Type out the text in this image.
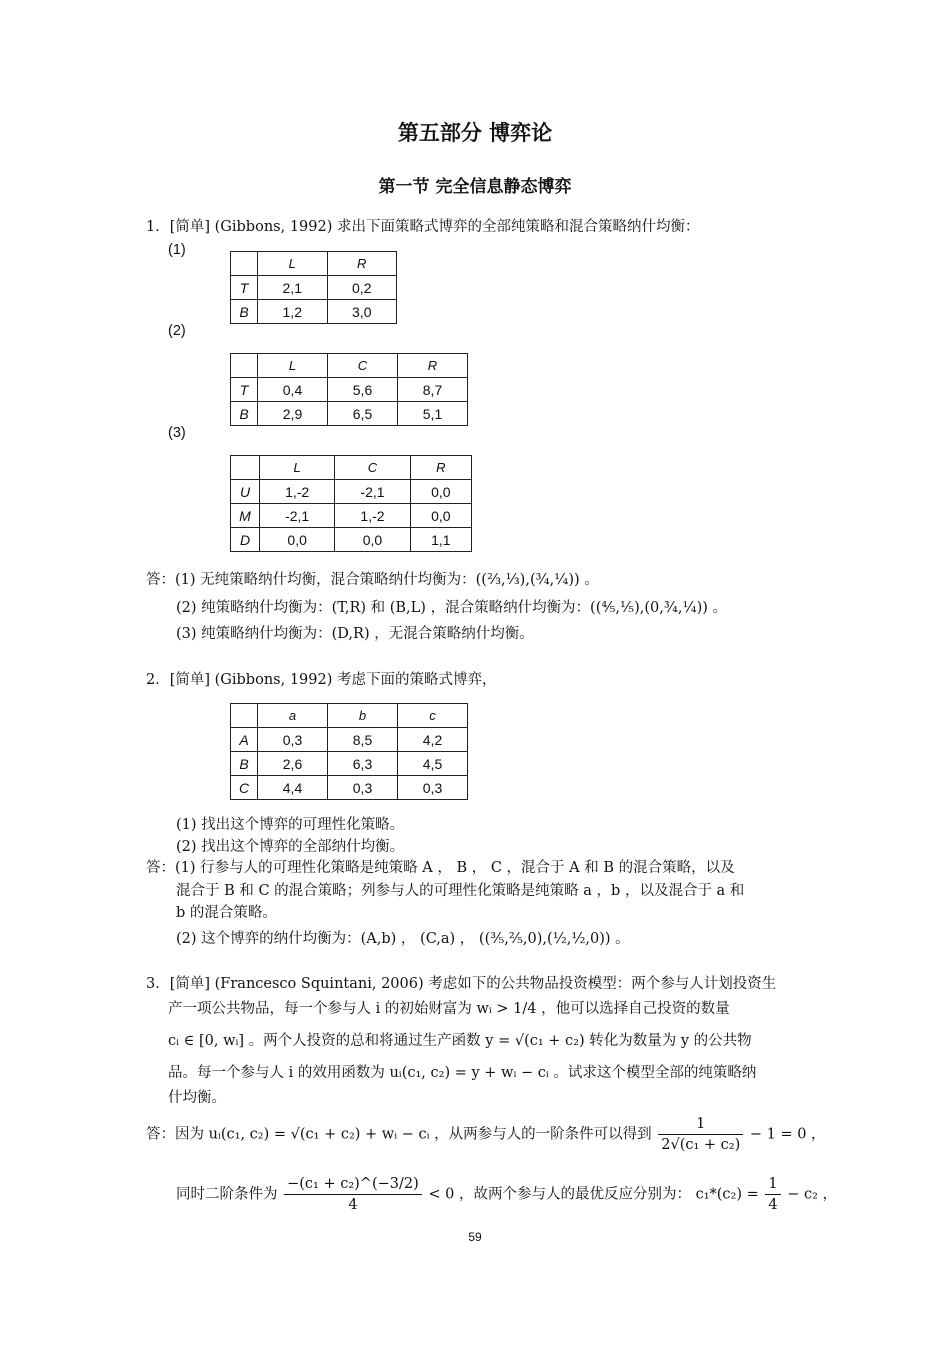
第五部分 博弈论
第一节 完全信息静态博弈
1．[简单] (Gibbons, 1992) 求出下面策略式博弈的全部纯策略和混合策略纳什均衡：
(1)
	L	R
T	2,1	0,2
B	1,2	3,0
(2)
	L	C	R
T	0,4	5,6	8,7
B	2,9	6,5	5,1
(3)
	L	C	R
U	1,-2	-2,1	0,0
M	-2,1	1,-2	0,0
D	0,0	0,0	1,1
答：(1) 无纯策略纳什均衡，混合策略纳什均衡为：((⅔,⅓),(¾,¼)) 。
(2) 纯策略纳什均衡为：(T,R) 和 (B,L) ，混合策略纳什均衡为：((⅘,⅕),(0,¾,¼)) 。
(3) 纯策略纳什均衡为：(D,R) ，无混合策略纳什均衡。
2．[简单] (Gibbons, 1992) 考虑下面的策略式博弈，
	a	b	c
A	0,3	8,5	4,2
B	2,6	6,3	4,5
C	4,4	0,3	0,3
(1) 找出这个博弈的可理性化策略。
(2) 找出这个博弈的全部纳什均衡。
答：(1) 行参与人的可理性化策略是纯策略 A ， B ， C ，混合于 A 和 B 的混合策略，以及
混合于 B 和 C 的混合策略；列参与人的可理性化策略是纯策略 a ，b ，以及混合于 a 和
b 的混合策略。
(2) 这个博弈的纳什均衡为：(A,b) ， (C,a) ， ((⅗,⅖,0),(½,½,0)) 。
3．[简单] (Francesco Squintani, 2006) 考虑如下的公共物品投资模型：两个参与人计划投资生
产一项公共物品，每一个参与人 i 的初始财富为 wᵢ > 1/4 ，他可以选择自己投资的数量
cᵢ ∈ [0, wᵢ] 。两个人投资的总和将通过生产函数 y = √(c₁ + c₂) 转化为数量为 y 的公共物
品。每一个参与人 i 的效用函数为 uᵢ(c₁, c₂) = y + wᵢ − cᵢ 。试求这个模型全部的纯策略纳
什均衡。
答：因为 uᵢ(c₁, c₂) = √(c₁ + c₂) + wᵢ − cᵢ ，从两参与人的一阶条件可以得到 $\frac{1}{\text{2√(c₁ + c₂)}} - 1 = 0$ ，
同时二阶条件为 $\frac{\text{−(c₁ + c₂)\textasciicircum{}(−3/2)}}{4} < 0$ ，故两个参与人的最优反应分别为： $c_1*(c_2) = \frac{1}{4} - c_2$ ，
59
